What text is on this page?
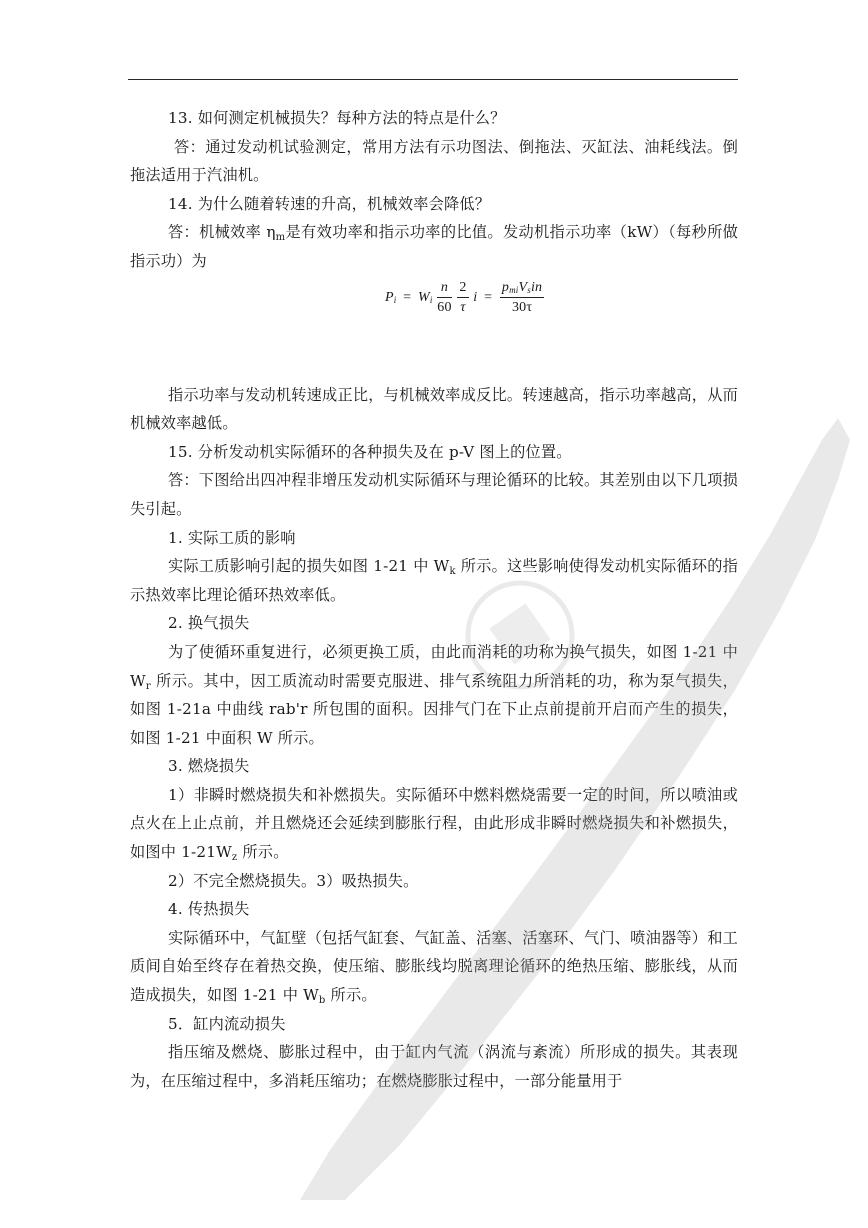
13. 如何测定机械损失？每种方法的特点是什么？

答：通过发动机试验测定，常用方法有示功图法、倒拖法、灭缸法、油耗线法。倒拖法适用于汽油机。

14. 为什么随着转速的升高，机械效率会降低？

答：机械效率 $\eta_m$是有效功率和指示功率的比值。发动机指示功率（kW）（每秒所做指示功）为

$P_i = W_i \frac{n}{60}$
$\frac{2}{\tau}$ $i = \frac{p_{mi}V_sin}{30\tau}$

指示功率与发动机转速成正比，与机械效率成反比。转速越高，指示功率越高，从而机械效率越低。

15. 分析发动机实际循环的各种损失及在 p-V 图上的位置。

答：下图给出四冲程非增压发动机实际循环与理论循环的比较。其差别由以下几项损失引起。

1. 实际工质的影响

实际工质影响引起的损失如图 1-21 中 $W_k$ 所示。这些影响使得发动机实际循环的指示热效率比理论循环热效率低。

2. 换气损失

为了使循环重复进行，必须更换工质，由此而消耗的功称为换气损失，如图 1-21 中 $W_r$ 所示。其中，因工质流动时需要克服进、排气系统阻力所消耗的功，称为泵气损失，如图 1-21a 中曲线 rab'r 所包围的面积。因排气门在下止点前提前开启而产生的损失，如图 1-21 中面积 W 所示。

3. 燃烧损失

1）非瞬时燃烧损失和补燃损失。实际循环中燃料燃烧需要一定的时间，所以喷油或点火在上止点前，并且燃烧还会延续到膨胀行程，由此形成非瞬时燃烧损失和补燃损失，如图中 $1-21W_z$ 所示。

2）不完全燃烧损失。3）吸热损失。

4. 传热损失

实际循环中，气缸壁（包括气缸套、气缸盖、活塞、活塞环、气门、喷油器等）和工质间自始至终存在着热交换，使压缩、膨胀线均脱离理论循环的绝热压缩、膨胀线，从而造成损失，如图 1-21 中 $W_b$ 所示。

5．缸内流动损失

指压缩及燃烧、膨胀过程中，由于缸内气流（涡流与紊流）所形成的损失。其表现为，在压缩过程中，多消耗压缩功；在燃烧膨胀过程中，一部分能量用于
